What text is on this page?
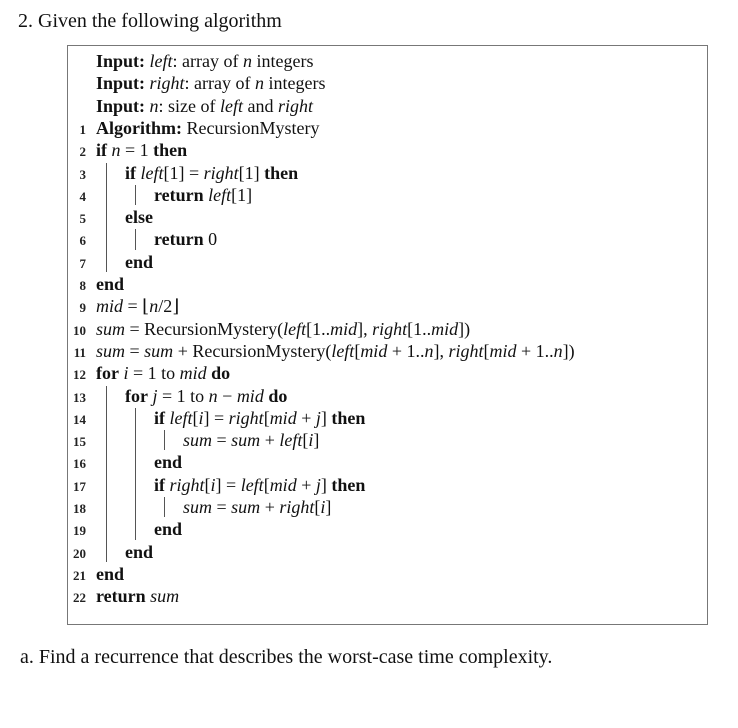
2. Given the following algorithm
Input: left: array of n integers
Input: right: array of n integers
Input: n: size of left and right
1 Algorithm: RecursionMystery
2 if n = 1 then
3 if left[1] = right[1] then
4	return left[1]
5 else
6	return 0
7 end
8 end
9 mid = ⌊n/2⌋
10 sum = RecursionMystery(left[1..mid], right[1..mid])
11 sum = sum + RecursionMystery(left[mid + 1..n], right[mid + 1..n])
12 for i = 1 to mid do
13 for j = 1 to n − mid do
14	if left[i] = right[mid + j] then
15	sum = sum + left[i]
16	end
17	if right[i] = left[mid + j] then
18	sum = sum + right[i]
19	end
20 end
21 end
22 return sum
a. Find a recurrence that describes the worst-case time complexity.
